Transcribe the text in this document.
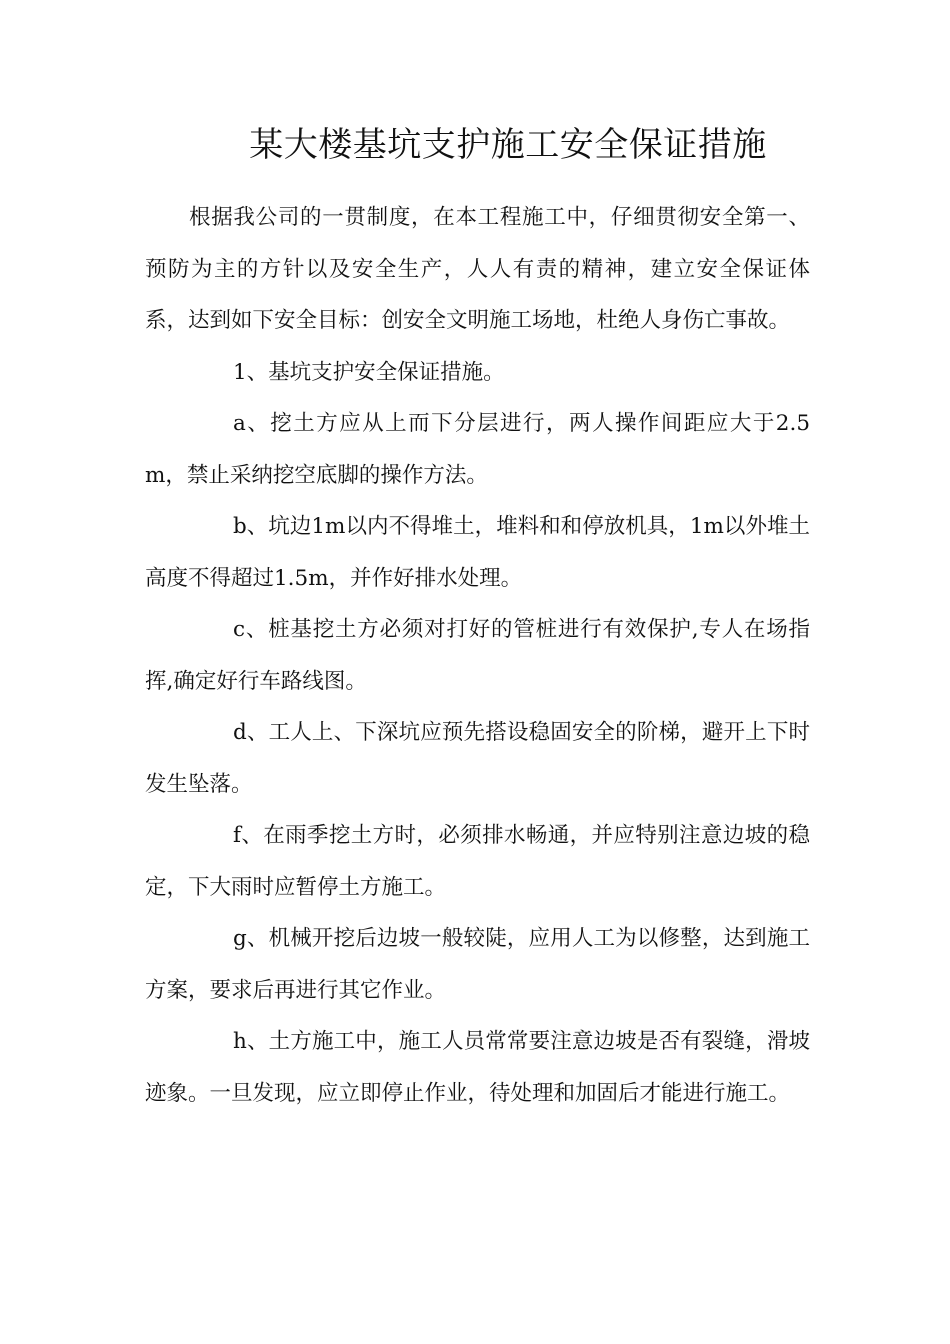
某大楼基坑支护施工安全保证措施

根据我公司的一贯制度，在本工程施工中，仔细贯彻安全第一、预防为主的方针以及安全生产，人人有责的精神，建立安全保证体系，达到如下安全目标：创安全文明施工场地，杜绝人身伤亡事故。

1、基坑支护安全保证措施。

a、挖土方应从上而下分层进行，两人操作间距应大于2.5m，禁止采纳挖空底脚的操作方法。

b、坑边1m以内不得堆土，堆料和和停放机具，1m以外堆土高度不得超过1.5m，并作好排水处理。

c、桩基挖土方必须对打好的管桩进行有效保护,专人在场指挥,确定好行车路线图。

d、工人上、下深坑应预先搭设稳固安全的阶梯，避开上下时发生坠落。

f、在雨季挖土方时，必须排水畅通，并应特别注意边坡的稳定，下大雨时应暂停土方施工。

g、机械开挖后边坡一般较陡，应用人工为以修整，达到施工方案，要求后再进行其它作业。

h、土方施工中，施工人员常常要注意边坡是否有裂缝，滑坡迹象。一旦发现，应立即停止作业，待处理和加固后才能进行施工。
